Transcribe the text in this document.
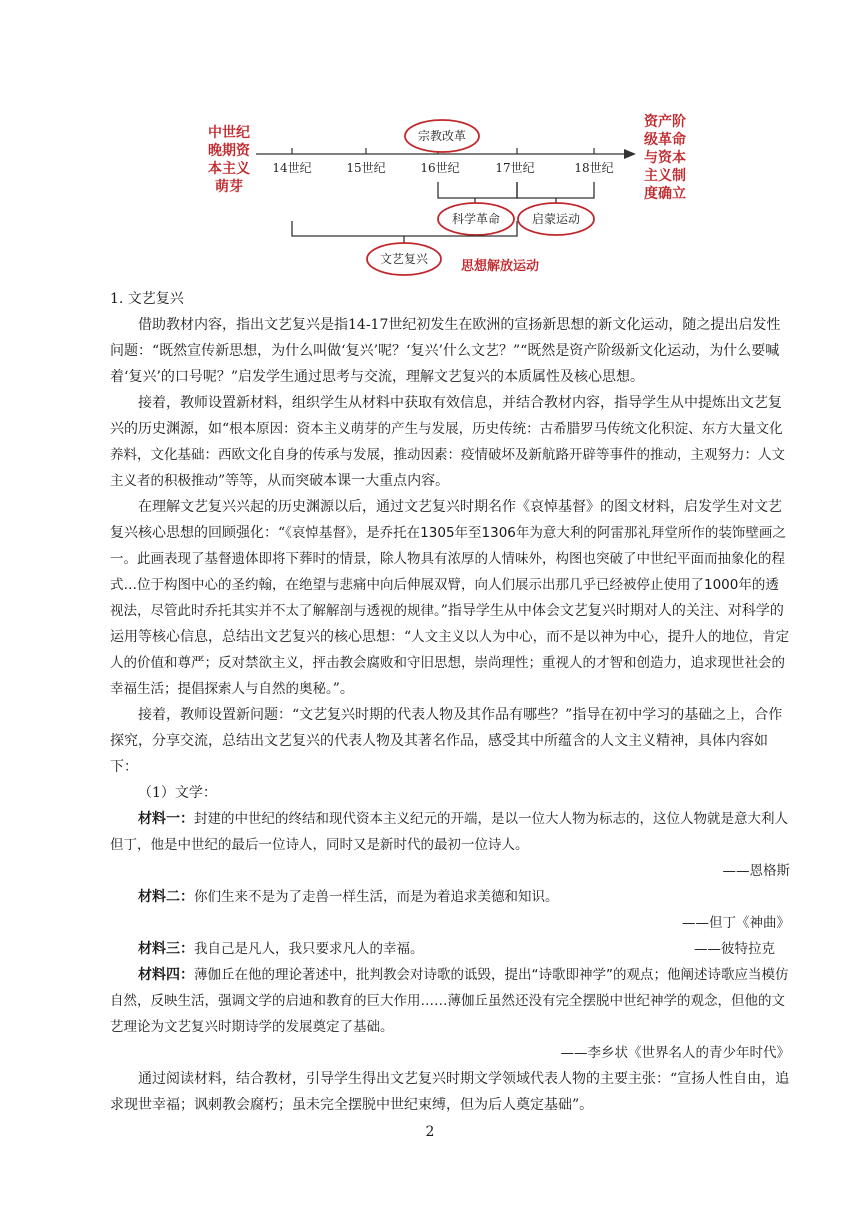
中世纪
晚期资
本主义
萌芽
资产阶
级革命
与资本
主义制
度确立
14世纪	15世纪	16世纪	17世纪	18世纪
宗教改革
科学革命	启蒙运动
文艺复兴	思想解放运动

1. 文艺复兴

借助教材内容，指出文艺复兴是指14-17世纪初发生在欧洲的宣扬新思想的新文化运动，随之提出启发性问题：“既然宣传新思想，为什么叫做‘复兴’呢？‘复兴’什么文艺？”“既然是资产阶级新文化运动，为什么要喊着‘复兴’的口号呢？”启发学生通过思考与交流，理解文艺复兴的本质属性及核心思想。

接着，教师设置新材料，组织学生从材料中获取有效信息，并结合教材内容，指导学生从中提炼出文艺复兴的历史渊源，如“根本原因：资本主义萌芽的产生与发展，历史传统：古希腊罗马传统文化积淀、东方大量文化养料，文化基础：西欧文化自身的传承与发展，推动因素：疫情破坏及新航路开辟等事件的推动，主观努力：人文主义者的积极推动”等等，从而突破本课一大重点内容。

在理解文艺复兴兴起的历史渊源以后，通过文艺复兴时期名作《哀悼基督》的图文材料，启发学生对文艺复兴核心思想的回顾强化：“《哀悼基督》，是乔托在1305年至1306年为意大利的阿雷那礼拜堂所作的装饰壁画之一。此画表现了基督遗体即将下葬时的情景，除人物具有浓厚的人情味外，构图也突破了中世纪平面而抽象化的程式…位于构图中心的圣约翰，在绝望与悲痛中向后伸展双臂，向人们展示出那几乎已经被停止使用了1000年的透视法，尽管此时乔托其实并不太了解解剖与透视的规律。”指导学生从中体会文艺复兴时期对人的关注、对科学的运用等核心信息，总结出文艺复兴的核心思想：“人文主义以人为中心，而不是以神为中心，提升人的地位，肯定人的价值和尊严；反对禁欲主义，抨击教会腐败和守旧思想，崇尚理性；重视人的才智和创造力，追求现世社会的幸福生活；提倡探索人与自然的奥秘。”。

接着，教师设置新问题：“文艺复兴时期的代表人物及其作品有哪些？”指导在初中学习的基础之上，合作探究，分享交流，总结出文艺复兴的代表人物及其著名作品，感受其中所蕴含的人文主义精神，具体内容如下：

（1）文学：

材料一：封建的中世纪的终结和现代资本主义纪元的开端，是以一位大人物为标志的，这位人物就是意大利人但丁，他是中世纪的最后一位诗人，同时又是新时代的最初一位诗人。

——恩格斯

材料二：你们生来不是为了走兽一样生活，而是为着追求美德和知识。

——但丁《神曲》

材料三：我自己是凡人，我只要求凡人的幸福。	——彼特拉克

材料四：薄伽丘在他的理论著述中，批判教会对诗歌的诋毁，提出“诗歌即神学”的观点；他阐述诗歌应当模仿自然，反映生活，强调文学的启迪和教育的巨大作用……薄伽丘虽然还没有完全摆脱中世纪神学的观念，但他的文艺理论为文艺复兴时期诗学的发展奠定了基础。

——李乡状《世界名人的青少年时代》

通过阅读材料，结合教材，引导学生得出文艺复兴时期文学领域代表人物的主要主张：“宣扬人性自由，追求现世幸福；讽刺教会腐朽；虽未完全摆脱中世纪束缚，但为后人奠定基础”。

2
